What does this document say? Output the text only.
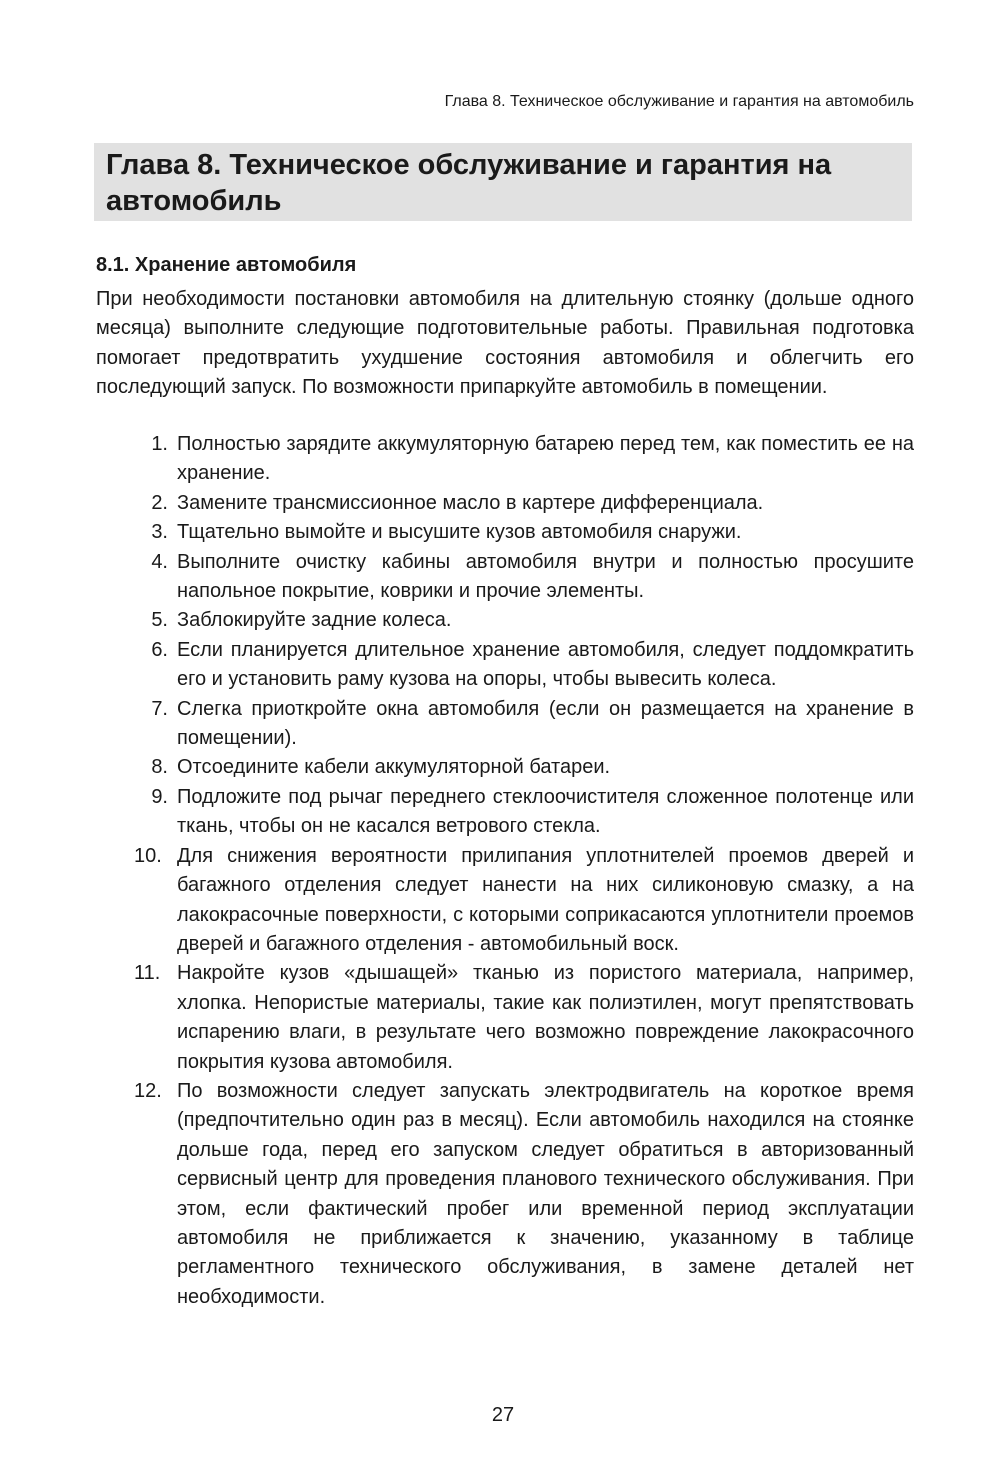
Глава 8. Техническое обслуживание и гарантия на автомобиль
Глава 8. Техническое обслуживание и гарантия на автомобиль
8.1. Хранение автомобиля

При необходимости постановки автомобиля на длительную стоянку (дольше одного месяца) выполните следующие подготовительные работы. Правильная подготовка помогает предотвратить ухудшение состояния автомобиля и облегчить его последующий запуск. По возможности припаркуйте автомобиль в помещении.

1. Полностью зарядите аккумуляторную батарею перед тем, как поместить ее на хранение.
2. Замените трансмиссионное масло в картере дифференциала.
3. Тщательно вымойте и высушите кузов автомобиля снаружи.
4. Выполните очистку кабины автомобиля внутри и полностью просушите напольное покрытие, коврики и прочие элементы.
5. Заблокируйте задние колеса.
6. Если планируется длительное хранение автомобиля, следует поддомкратить его и установить раму кузова на опоры, чтобы вывесить колеса.
7. Слегка приоткройте окна автомобиля (если он размещается на хранение в помещении).
8. Отсоедините кабели аккумуляторной батареи.
9. Подложите под рычаг переднего стеклоочистителя сложенное полотенце или ткань, чтобы он не касался ветрового стекла.
10. Для снижения вероятности прилипания уплотнителей проемов дверей и багажного отделения следует нанести на них силиконовую смазку, а на лакокрасочные поверхности, с которыми соприкасаются уплотнители проемов дверей и багажного отделения - автомобильный воск.
11. Накройте кузов «дышащей» тканью из пористого материала, например, хлопка. Непористые материалы, такие как полиэтилен, могут препятствовать испарению влаги, в результате чего возможно повреждение лакокрасочного покрытия кузова автомобиля.
12. По возможности следует запускать электродвигатель на короткое время (предпочтительно один раз в месяц). Если автомобиль находился на стоянке дольше года, перед его запуском следует обратиться в авторизованный сервисный центр для проведения планового технического обслуживания. При этом, если фактический пробег или временной период эксплуатации автомобиля не приближается к значению, указанному в таблице регламентного технического обслуживания, в замене деталей нет необходимости.
27
